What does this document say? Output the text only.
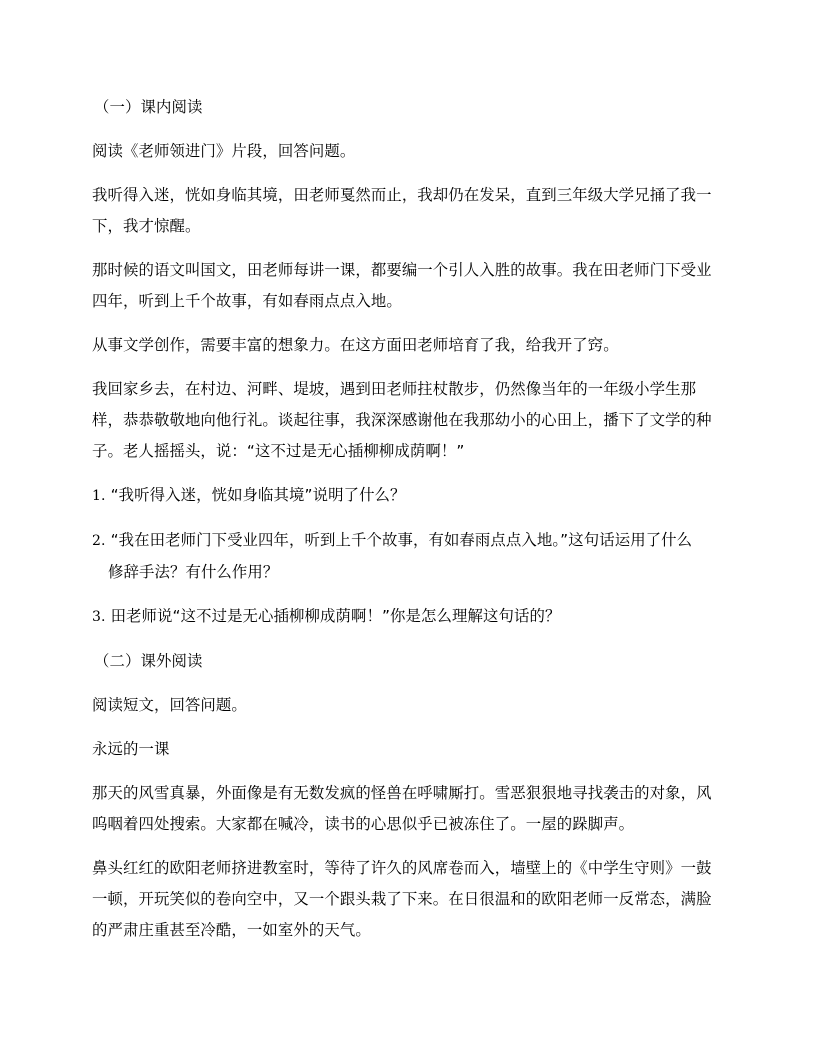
（一）课内阅读

阅读《老师领进门》片段，回答问题。

我听得入迷，恍如身临其境，田老师戛然而止，我却仍在发呆，直到三年级大学兄捅了我一下，我才惊醒。

那时候的语文叫国文，田老师每讲一课，都要编一个引人入胜的故事。我在田老师门下受业四年，听到上千个故事，有如春雨点点入地。

从事文学创作，需要丰富的想象力。在这方面田老师培育了我，给我开了窍。

我回家乡去，在村边、河畔、堤坡，遇到田老师拄杖散步，仍然像当年的一年级小学生那样，恭恭敬敬地向他行礼。谈起往事，我深深感谢他在我那幼小的心田上，播下了文学的种子。老人摇摇头，说：“这不过是无心插柳柳成荫啊！”

1. “我听得入迷，恍如身临其境”说明了什么？

2. “我在田老师门下受业四年，听到上千个故事，有如春雨点点入地。”这句话运用了什么
修辞手法？有什么作用？

3. 田老师说“这不过是无心插柳柳成荫啊！”你是怎么理解这句话的？

（二）课外阅读

阅读短文，回答问题。

永远的一课

那天的风雪真暴，外面像是有无数发疯的怪兽在呼啸厮打。雪恶狠狠地寻找袭击的对象，风呜咽着四处搜索。大家都在喊冷，读书的心思似乎已被冻住了。一屋的跺脚声。

鼻头红红的欧阳老师挤进教室时，等待了许久的风席卷而入，墙壁上的《中学生守则》一鼓一顿，开玩笑似的卷向空中，又一个跟头栽了下来。在日很温和的欧阳老师一反常态，满脸的严肃庄重甚至冷酷，一如室外的天气。
